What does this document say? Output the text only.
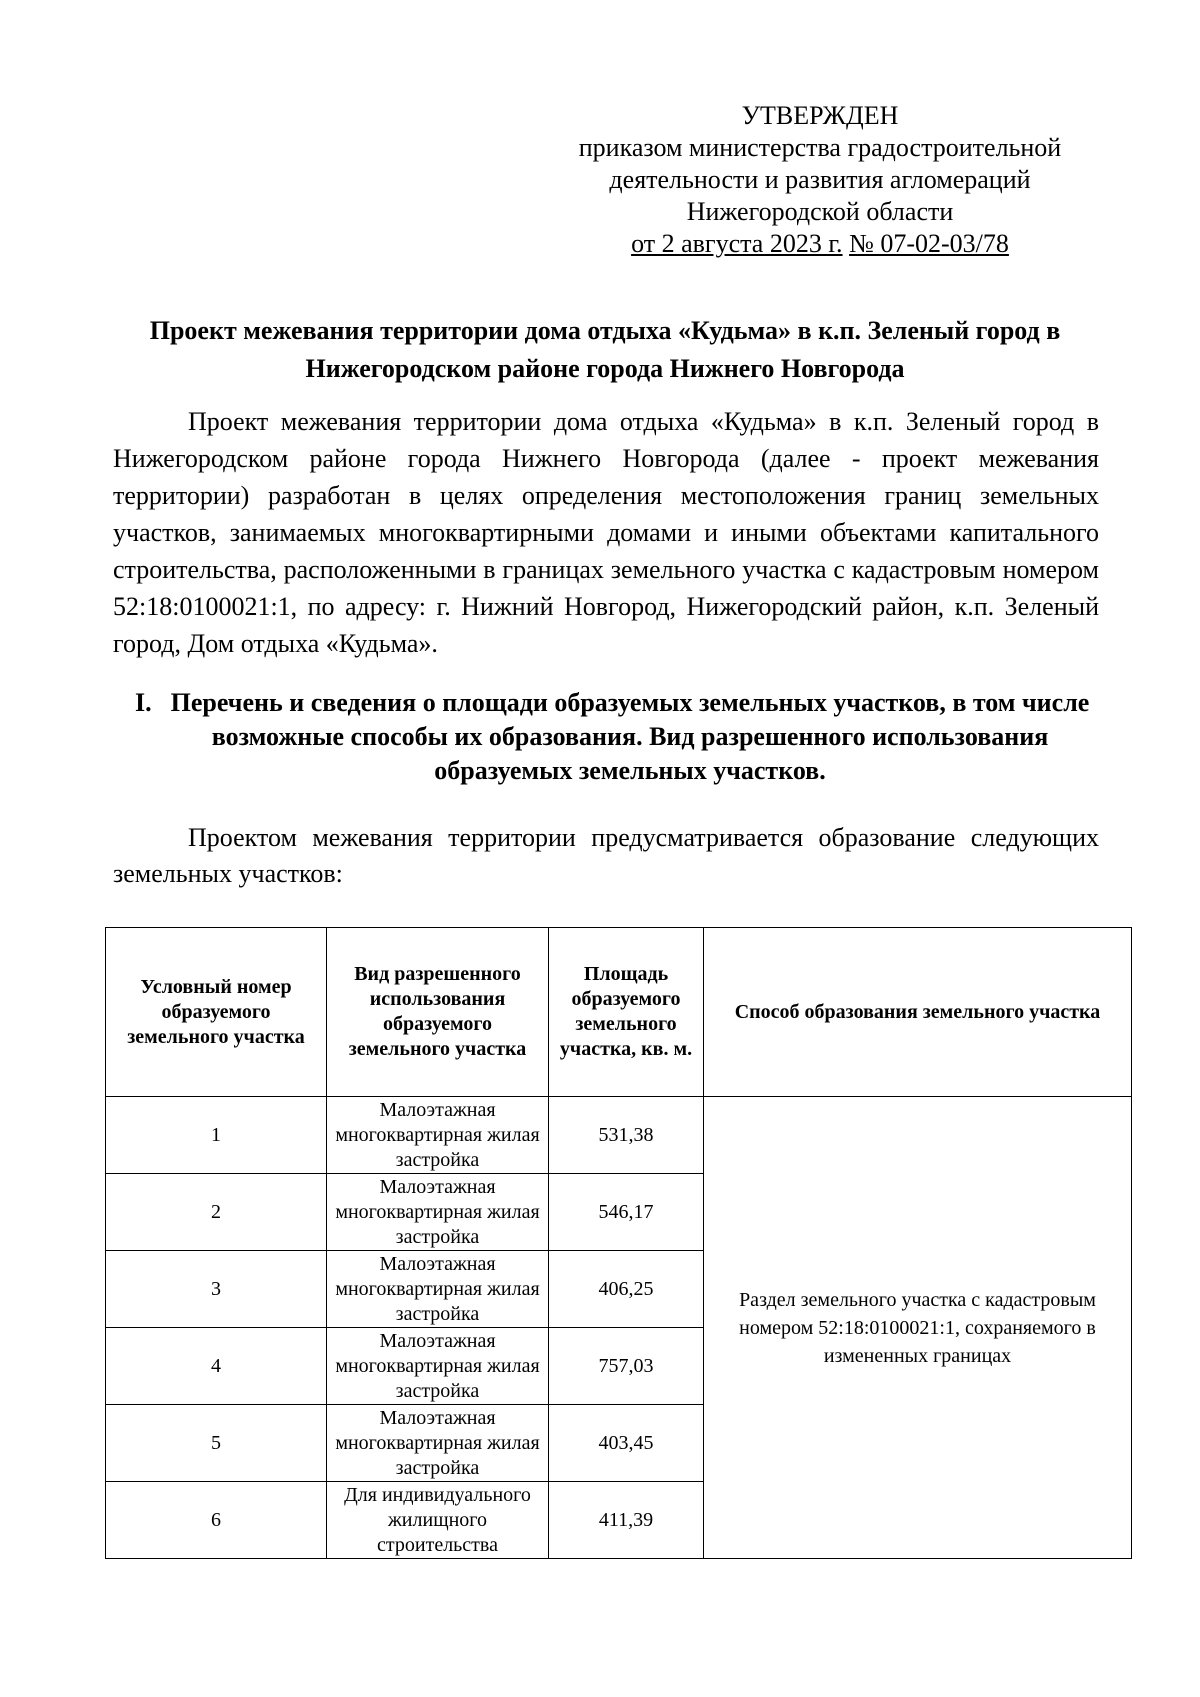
УТВЕРЖДЕН
приказом министерства градостроительной
деятельности и развития агломераций
Нижегородской области
от 2 августа 2023 г. № 07-02-03/78
Проект межевания территории дома отдыха «Кудьма» в к.п. Зеленый город в Нижегородском районе города Нижнего Новгорода

Проект межевания территории дома отдыха «Кудьма» в к.п. Зеленый город в Нижегородском районе города Нижнего Новгорода (далее - проект межевания территории) разработан в целях определения местоположения границ земельных участков, занимаемых многоквартирными домами и иными объектами капитального строительства, расположенными в границах земельного участка с кадастровым номером 52:18:0100021:1, по адресу: г. Нижний Новгород, Нижегородский район, к.п. Зеленый город, Дом отдыха «Кудьма».

I. Перечень и сведения о площади образуемых земельных участков, в том числе возможные способы их образования. Вид разрешенного использования образуемых земельных участков.

Проектом межевания территории предусматривается образование следующих земельных участков:

Условный номер образуемого земельного участка	Вид разрешенного использования образуемого земельного участка	Площадь образуемого земельного участка, кв. м.	Способ образования земельного участка
1	Малоэтажная многоквартирная жилая застройка	531,38	Раздел земельного участка с кадастровым номером 52:18:0100021:1, сохраняемого в измененных границах
2	Малоэтажная многоквартирная жилая застройка	546,17	
3	Малоэтажная многоквартирная жилая застройка	406,25	
4	Малоэтажная многоквартирная жилая застройка	757,03	
5	Малоэтажная многоквартирная жилая застройка	403,45	
6	Для индивидуального жилищного строительства	411,39	
